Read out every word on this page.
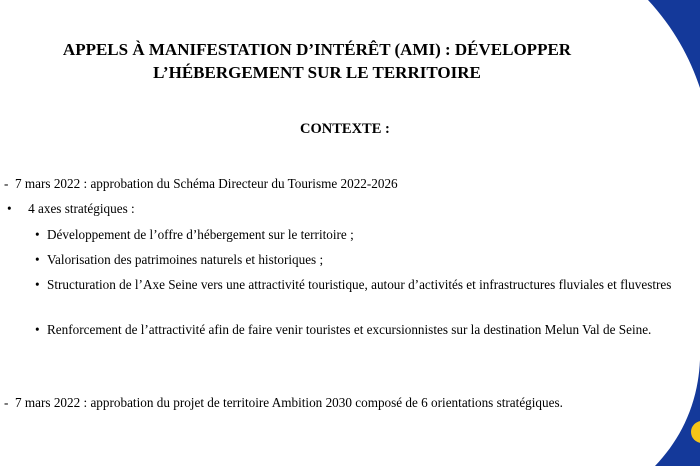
APPELS À MANIFESTATION D’INTÉRÊT (AMI) : DÉVELOPPER
L’HÉBERGEMENT SUR LE TERRITOIRE
CONTEXTE :
- 7 mars 2022 : approbation du Schéma Directeur du Tourisme 2022-2026
• 4 axes stratégiques :
• Développement de l’offre d’hébergement sur le territoire ;
• Valorisation des patrimoines naturels et historiques ;
• Structuration de l’Axe Seine vers une attractivité touristique, autour d’activités et infrastructures fluviales et fluvestres
• Renforcement de l’attractivité afin de faire venir touristes et excursionnistes sur la destination Melun Val de Seine.
- 7 mars 2022 : approbation du projet de territoire Ambition 2030 composé de 6 orientations stratégiques.
